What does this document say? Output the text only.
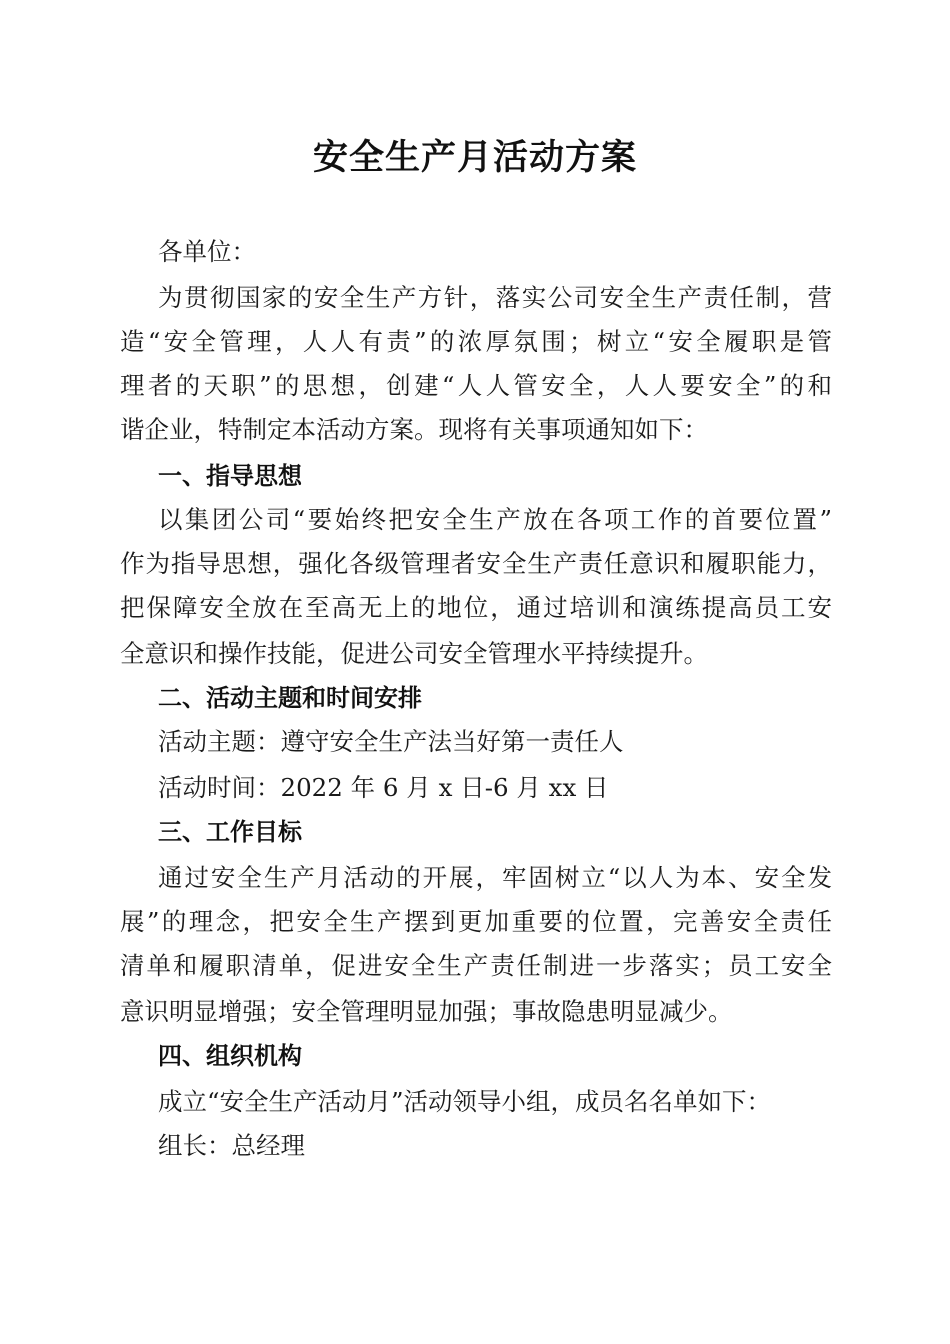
安全生产月活动方案
各单位：
为贯彻国家的安全生产方针，落实公司安全生产责任制，营
造“安全管理，人人有责”的浓厚氛围；树立“安全履职是管
理者的天职”的思想，创建“人人管安全，人人要安全”的和
谐企业，特制定本活动方案。现将有关事项通知如下：
一、指导思想
以集团公司“要始终把安全生产放在各项工作的首要位置”
作为指导思想，强化各级管理者安全生产责任意识和履职能力，
把保障安全放在至高无上的地位，通过培训和演练提高员工安
全意识和操作技能，促进公司安全管理水平持续提升。
二、活动主题和时间安排
活动主题：遵守安全生产法当好第一责任人
活动时间：2022 年 6 月 x 日-6 月 xx 日
三、工作目标
通过安全生产月活动的开展，牢固树立“以人为本、安全发
展”的理念，把安全生产摆到更加重要的位置，完善安全责任
清单和履职清单，促进安全生产责任制进一步落实；员工安全
意识明显增强；安全管理明显加强；事故隐患明显减少。
四、组织机构
成立“安全生产活动月”活动领导小组，成员名名单如下：
组长：总经理
